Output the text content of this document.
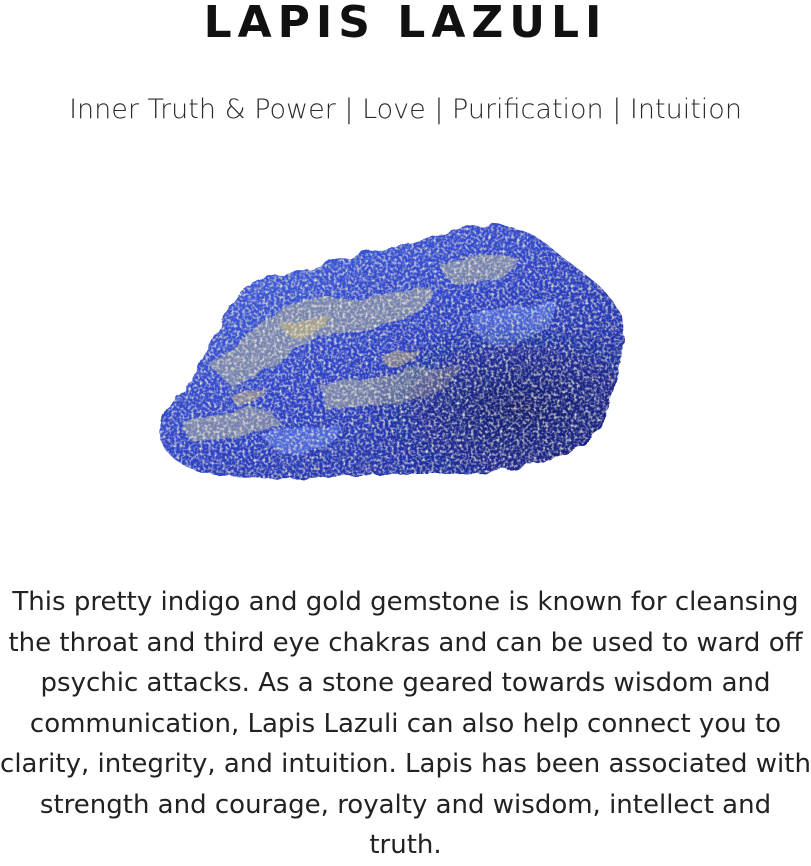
LAPIS LAZULI
Inner Truth & Power | Love | Purification | Intuition

This pretty indigo and gold gemstone is known for cleansing the throat and third eye chakras and can be used to ward off psychic attacks. As a stone geared towards wisdom and communication, Lapis Lazuli can also help connect you to clarity, integrity, and intuition. Lapis has been associated with strength and courage, royalty and wisdom, intellect and truth.
